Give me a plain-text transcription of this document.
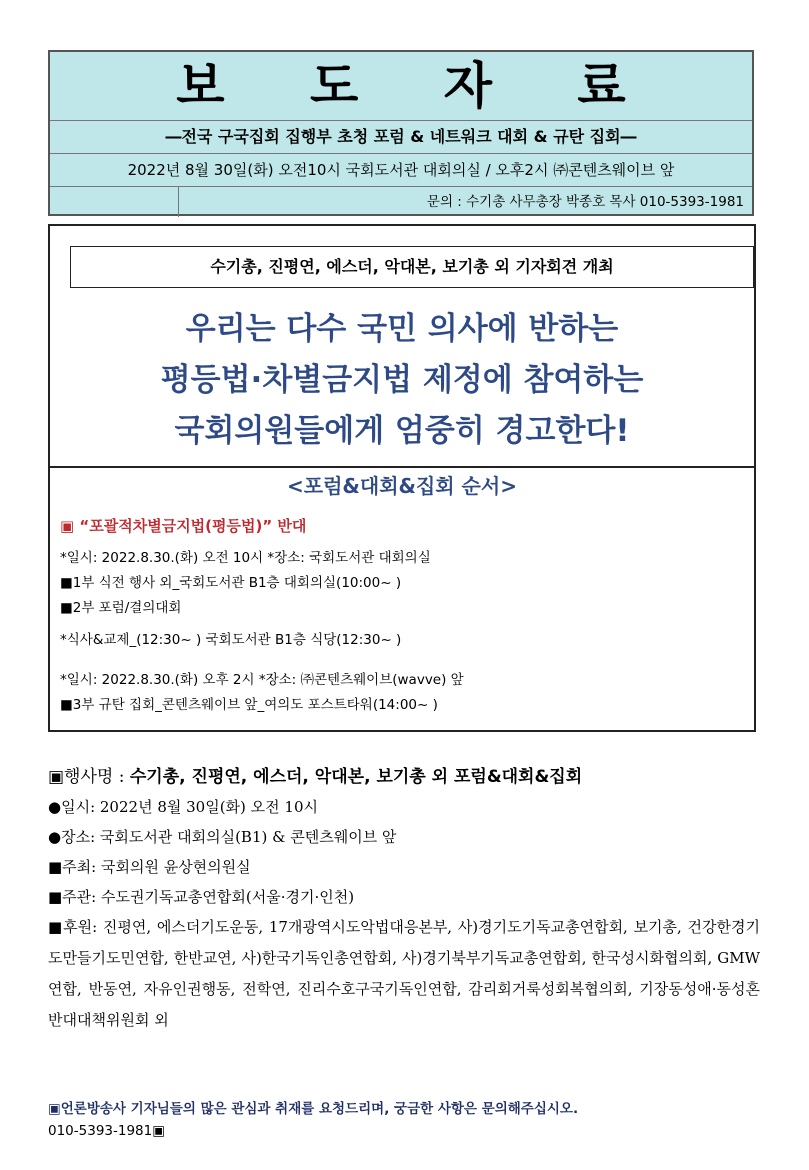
보 도 자 료
―전국 구국집회 집행부 초청 포럼 & 네트워크 대회 & 규탄 집회―
2022년 8월 30일(화) 오전10시 국회도서관 대회의실 / 오후2시 ㈜콘텐츠웨이브 앞
문의 : 수기총 사무총장 박종호 목사 010-5393-1981
수기총, 진평연, 에스더, 악대본, 보기총 외 기자회견 개최
우리는 다수 국민 의사에 반하는
평등법·차별금지법 제정에 참여하는
국회의원들에게 엄중히 경고한다!
<포럼&대회&집회 순서>
▣ “포괄적차별금지법(평등법)” 반대
*일시: 2022.8.30.(화) 오전 10시 *장소: 국회도서관 대회의실
■1부 식전 행사 외_국회도서관 B1층 대회의실(10:00~ )
■2부 포럼/결의대회
*식사&교제_(12:30~ ) 국회도서관 B1층 식당(12:30~ )
*일시: 2022.8.30.(화) 오후 2시 *장소: ㈜콘텐츠웨이브(wavve) 앞
■3부 규탄 집회_콘텐츠웨이브 앞_여의도 포스트타워(14:00~ )
▣행사명 : 수기총, 진평연, 에스더, 악대본, 보기총 외 포럼&대회&집회
●일시: 2022년 8월 30일(화) 오전 10시
●장소: 국회도서관 대회의실(B1) & 콘텐츠웨이브 앞
■주최: 국회의원 윤상현의원실
■주관: 수도권기독교총연합회(서울·경기·인천)
■후원: 진평연, 에스더기도운동, 17개광역시도악법대응본부, 사)경기도기독교총연합회, 보기총, 건강한경기도만들기도민연합, 한반교연, 사)한국기독인총연합회, 사)경기북부기독교총연합회, 한국성시화협의회, GMW연합, 반동연, 자유인권행동, 전학연, 진리수호구국기독인연합, 감리회거룩성회복협의회, 기장동성애·동성혼반대대책위원회 외
▣언론방송사 기자님들의 많은 관심과 취재를 요청드리며, 궁금한 사항은 문의해주십시오.
010-5393-1981▣
